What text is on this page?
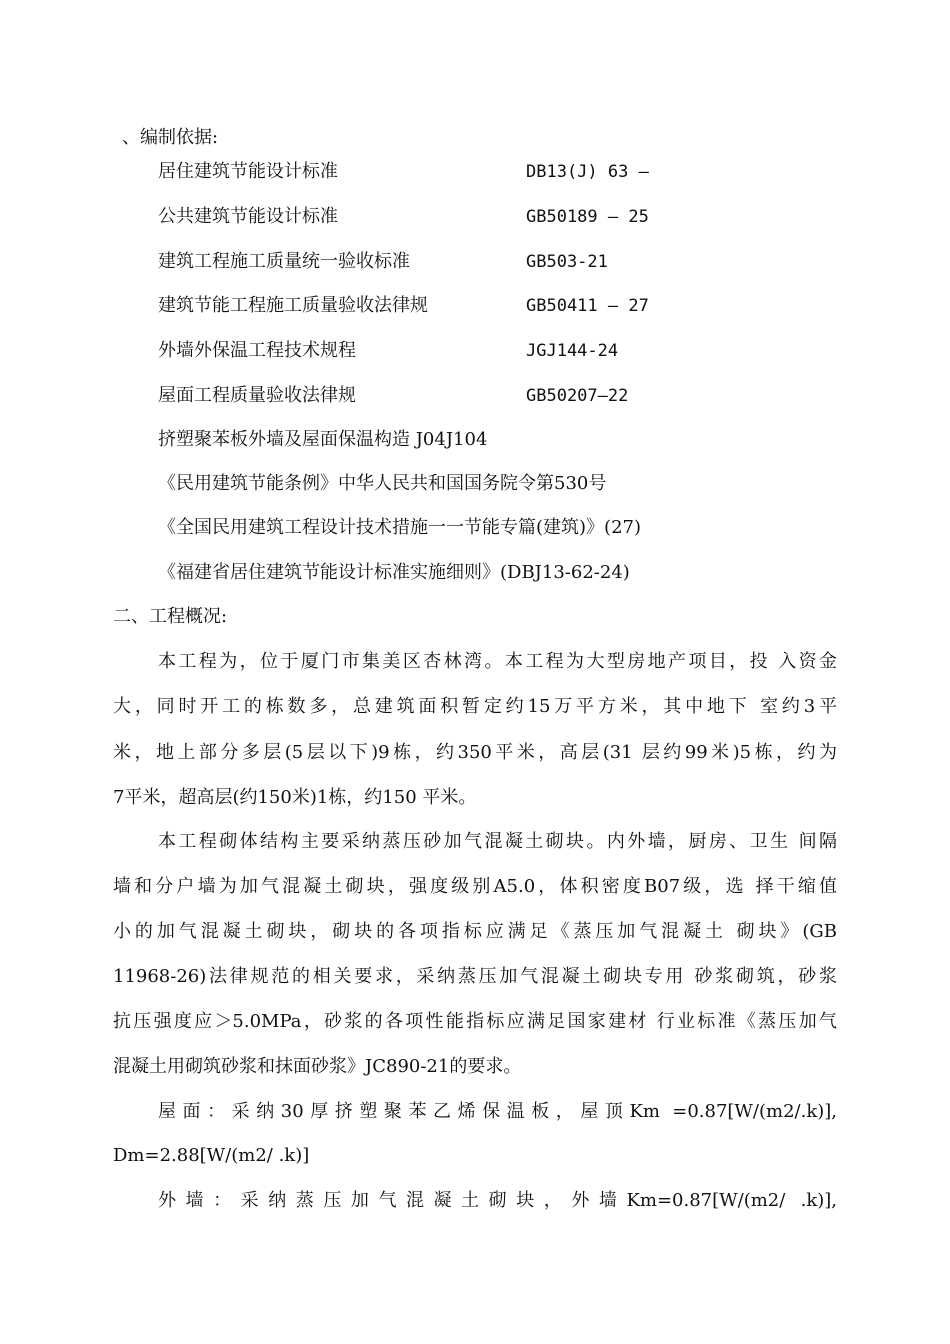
、编制依据:
居住建筑节能设计标准	DB13(J) 63 —
公共建筑节能设计标准	GB50189 — 25
建筑工程施工质量统一验收标准	GB503-21
建筑节能工程施工质量验收法律规	GB50411 — 27
外墙外保温工程技术规程	JGJ144-24
屋面工程质量验收法律规	GB50207—22
挤塑聚苯板外墙及屋面保温构造 J04J104
《民用建筑节能条例》中华人民共和国国务院令第530号
《全国民用建筑工程设计技术措施一一节能专篇(建筑)》(27)
《福建省居住建筑节能设计标准实施细则》(DBJ13-62-24)
二、工程概况:
本工程为，位于厦门市集美区杏林湾。本工程为大型房地产项目，投 入资金
大，同时开工的栋数多，总建筑面积暂定约15万平方米，其中地下 室约3平
米，地上部分多层(5层以下)9栋，约350平米，高层(31 层约99米)5栋，约为
7平米，超高层(约150米)1栋，约150 平米。
本工程砌体结构主要采纳蒸压砂加气混凝土砌块。内外墙，厨房、卫生 间隔
墙和分户墙为加气混凝土砌块，强度级别A5.0，体积密度B07级，选 择干缩值
小的加气混凝土砌块，砌块的各项指标应满足《蒸压加气混凝土 砌块》(GB
11968-26)法律规范的相关要求，采纳蒸压加气混凝土砌块专用 砂浆砌筑，砂浆
抗压强度应＞5.0MPa，砂浆的各项性能指标应满足国家建材 行业标准《蒸压加气
混凝土用砌筑砂浆和抹面砂浆》JC890-21的要求。
屋面：采纳30厚挤塑聚苯乙烯保温板，屋顶Km =0.87[W/(m2/.k)],
Dm=2.88[W/(m2/ .k)]
外墙：采纳蒸压加气混凝土砌块，外墙Km=0.87[W/(m2/ .k)],
